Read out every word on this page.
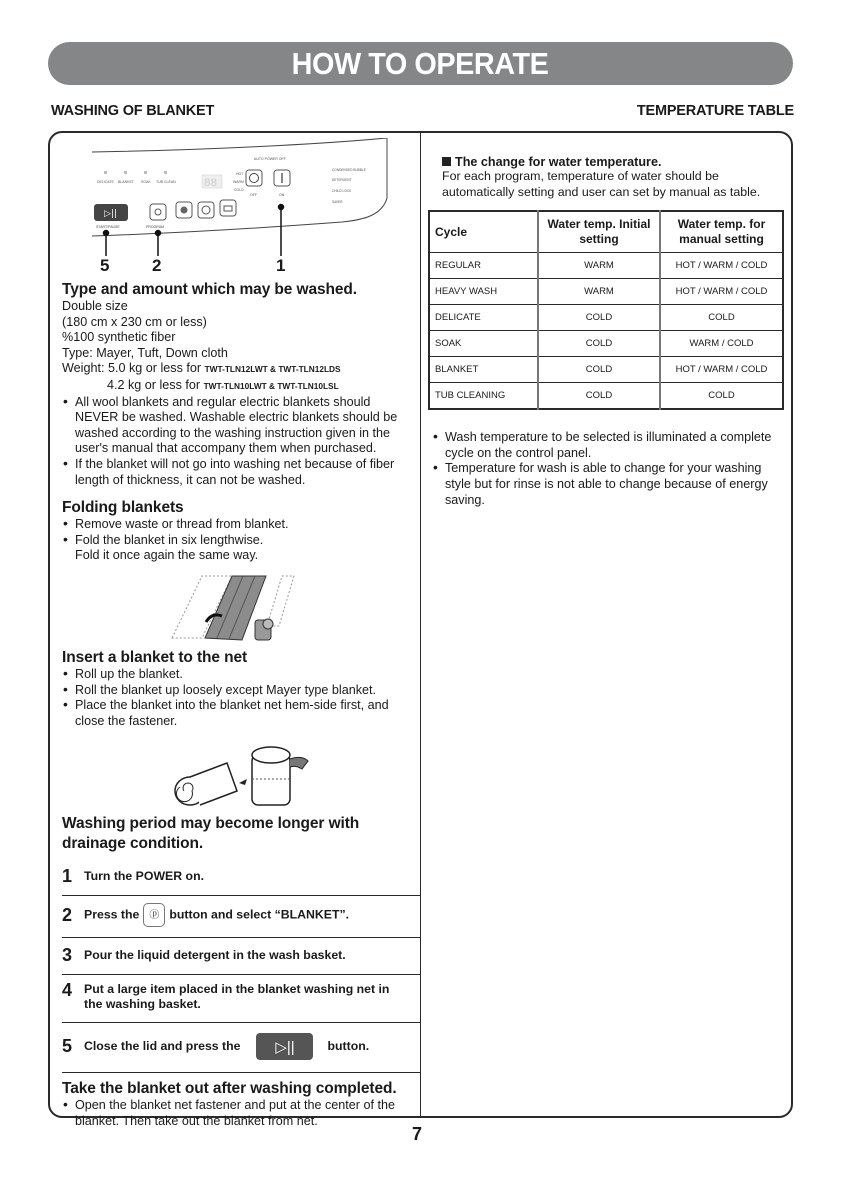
HOW TO OPERATE
WASHING OF BLANKET	TEMPERATURE TABLE
DELICATE BLANKET SOAK TUB CLEAN	88
HOT
WARM
COLD
▷||
START/PAUSE	PROGRAM
AUTO POWER OFF
OFF	ON
CONDENSED BUBBLE
DETERGENT
CHILD LOCK
SAVER
5	2	1
Type and amount which may be washed.
Double size
(180 cm x 230 cm or less)
%100 synthetic fiber
Type: Mayer, Tuft, Down cloth
Weight: 5.0 kg or less for TWT-TLN12LWT & TWT-TLN12LDS
4.2 kg or less for TWT-TLN10LWT & TWT-TLN10LSL
• All wool blankets and regular electric blankets should NEVER be washed. Washable electric blankets should be washed according to the washing instruction given in the user's manual that accompany them when purchased.
• If the blanket will not go into washing net because of fiber length of thickness, it can not be washed.
Folding blankets
• Remove waste or thread from blanket.
• Fold the blanket in six lengthwise.
Fold it once again the same way.
Insert a blanket to the net
• Roll up the blanket.
• Roll the blanket up loosely except Mayer type blanket.
• Place the blanket into the blanket net hem-side first, and close the fastener.
Washing period may become longer with drainage condition.
1 Turn the POWER on.
2 Press the ⓟ button and select “BLANKET”.
3 Pour the liquid detergent in the wash basket.
4 Put a large item placed in the blanket washing net in the washing basket.
5 Close the lid and press the	▷||	button.
Take the blanket out after washing completed.
• Open the blanket net fastener and put at the center of the blanket. Then take out the blanket from net.
The change for water temperature.
For each program, temperature of water should be automatically setting and user can set by manual as table.
Cycle	Water temp. Initial setting	Water temp. for manual setting
REGULAR	WARM	HOT / WARM / COLD
HEAVY WASH	WARM	HOT / WARM / COLD
DELICATE	COLD	COLD
SOAK	COLD	WARM / COLD
BLANKET	COLD	HOT / WARM / COLD
TUB CLEANING	COLD	COLD
• Wash temperature to be selected is illuminated a complete cycle on the control panel.
• Temperature for wash is able to change for your washing style but for rinse is not able to change because of energy saving.
7
